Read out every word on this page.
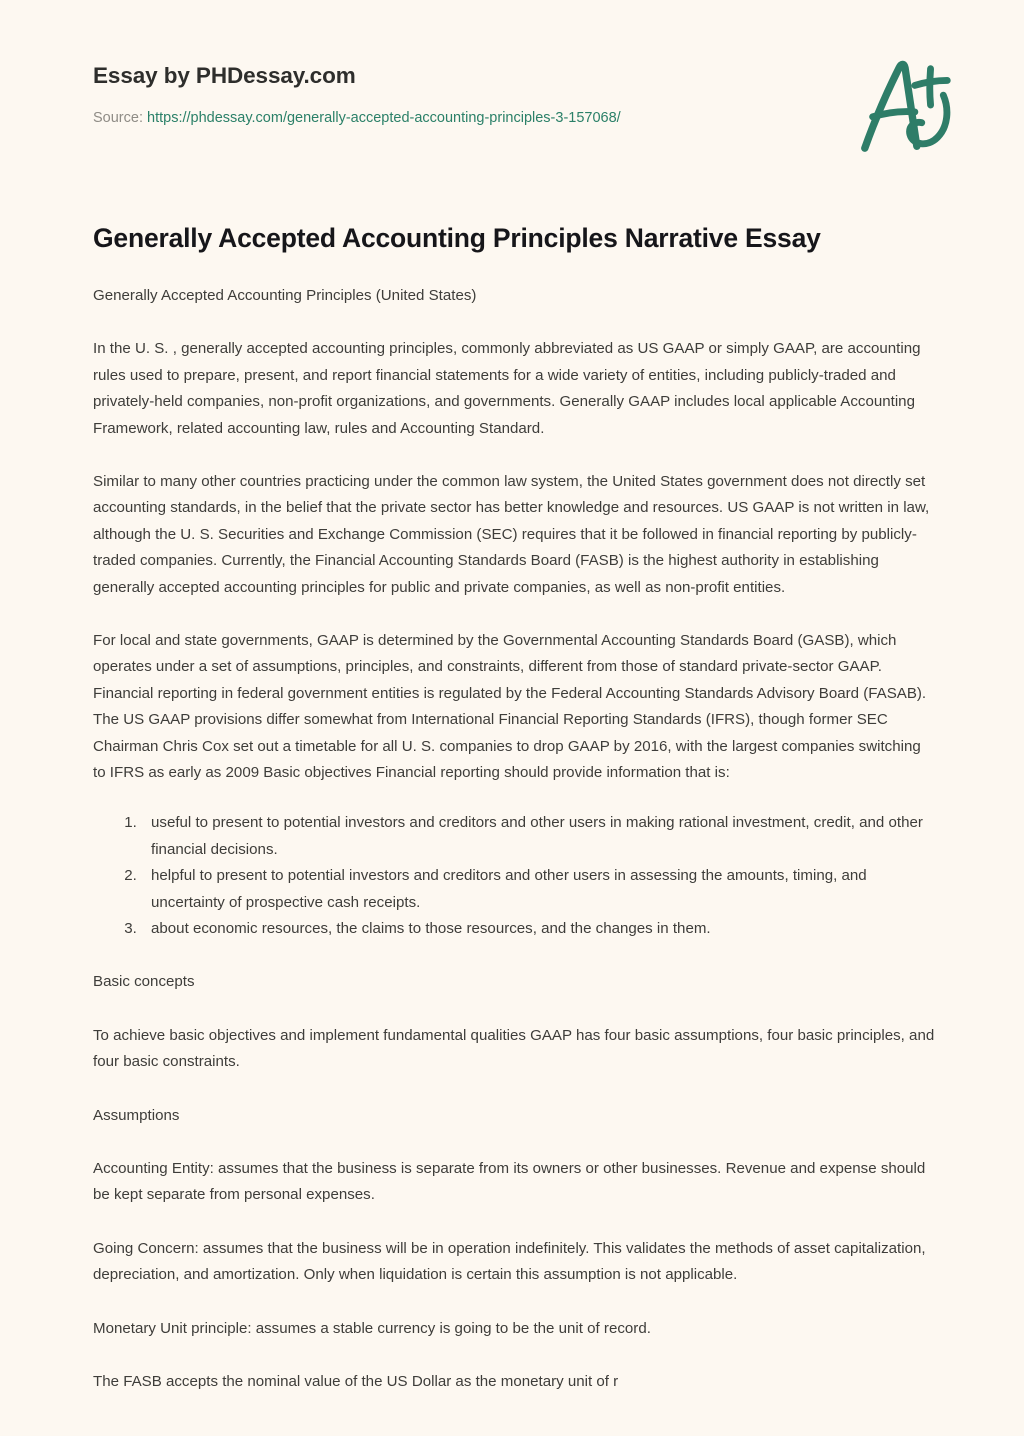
Essay by PHDessay.com
Source: https://phdessay.com/generally-accepted-accounting-principles-3-157068/
Generally Accepted Accounting Principles Narrative Essay

Generally Accepted Accounting Principles (United States)

In the U. S. , generally accepted accounting principles, commonly abbreviated as US GAAP or simply GAAP, are accounting rules used to prepare, present, and report financial statements for a wide variety of entities, including publicly-traded and privately-held companies, non-profit organizations, and governments. Generally GAAP includes local applicable Accounting Framework, related accounting law, rules and Accounting Standard.

Similar to many other countries practicing under the common law system, the United States government does not directly set accounting standards, in the belief that the private sector has better knowledge and resources. US GAAP is not written in law, although the U. S. Securities and Exchange Commission (SEC) requires that it be followed in financial reporting by publicly-traded companies. Currently, the Financial Accounting Standards Board (FASB) is the highest authority in establishing generally accepted accounting principles for public and private companies, as well as non-profit entities.

For local and state governments, GAAP is determined by the Governmental Accounting Standards Board (GASB), which operates under a set of assumptions, principles, and constraints, different from those of standard private-sector GAAP. Financial reporting in federal government entities is regulated by the Federal Accounting Standards Advisory Board (FASAB). The US GAAP provisions differ somewhat from International Financial Reporting Standards (IFRS), though former SEC Chairman Chris Cox set out a timetable for all U. S. companies to drop GAAP by 2016, with the largest companies switching to IFRS as early as 2009 Basic objectives Financial reporting should provide information that is:

1. useful to present to potential investors and creditors and other users in making rational investment, credit, and other financial decisions.
2. helpful to present to potential investors and creditors and other users in assessing the amounts, timing, and uncertainty of prospective cash receipts.
3. about economic resources, the claims to those resources, and the changes in them.

Basic concepts

To achieve basic objectives and implement fundamental qualities GAAP has four basic assumptions, four basic principles, and four basic constraints.

Assumptions

Accounting Entity: assumes that the business is separate from its owners or other businesses. Revenue and expense should be kept separate from personal expenses.

Going Concern: assumes that the business will be in operation indefinitely. This validates the methods of asset capitalization, depreciation, and amortization. Only when liquidation is certain this assumption is not applicable.

Monetary Unit principle: assumes a stable currency is going to be the unit of record.

The FASB accepts the nominal value of the US Dollar as the monetary unit of r
